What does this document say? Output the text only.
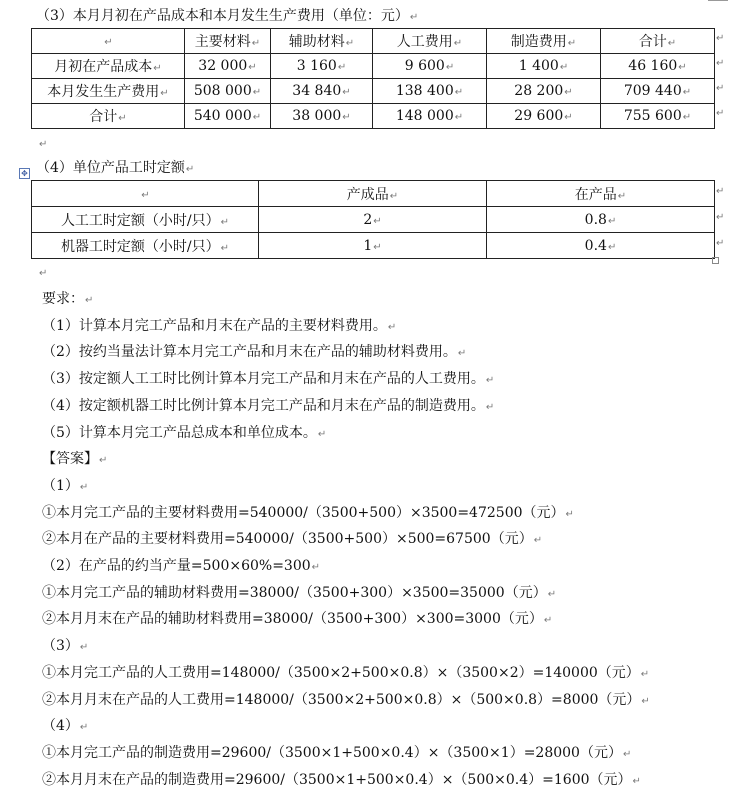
（3）本月月初在产品成本和本月发生生产费用（单位：元）↵
↵	主要材料↵	辅助材料↵	人工费用↵	制造费用↵	合计↵
月初在产品成本↵	32 000↵	3 160↵	9 600↵	1 400↵	46 160↵
本月发生生产费用↵	508 000↵	34 840↵	138 400↵	28 200↵	709 440↵
合计↵	540 000↵	38 000↵	148 000↵	29 600↵	755 600↵
↵
↵
↵
↵
↵
✥ （4）单位产品工时定额↵
↵	产成品↵	在产品↵
人工工时定额（小时/只）↵	2↵	0.8↵
机器工时定额（小时/只）↵	1↵	0.4↵
↵
↵
↵
↵
要求：↵
（1）计算本月完工产品和月末在产品的主要材料费用。↵
（2）按约当量法计算本月完工产品和月末在产品的辅助材料费用。↵
（3）按定额人工工时比例计算本月完工产品和月末在产品的人工费用。↵
（4）按定额机器工时比例计算本月完工产品和月末在产品的制造费用。↵
（5）计算本月完工产品总成本和单位成本。↵
【答案】↵
（1）↵
①本月完工产品的主要材料费用=540000/（3500+500）×3500=472500（元）↵
②本月在产品的主要材料费用=540000/（3500+500）×500=67500（元）↵
（2）在产品的约当产量=500×60%=300↵
①本月完工产品的辅助材料费用=38000/（3500+300）×3500=35000（元）↵
②本月月末在产品的辅助材料费用=38000/（3500+300）×300=3000（元）↵
（3）↵
①本月完工产品的人工费用=148000/（3500×2+500×0.8）×（3500×2）=140000（元）↵
②本月月末在产品的人工费用=148000/（3500×2+500×0.8）×（500×0.8）=8000（元）↵
（4）↵
①本月完工产品的制造费用=29600/（3500×1+500×0.4）×（3500×1）=28000（元）↵
②本月月末在产品的制造费用=29600/（3500×1+500×0.4）×（500×0.4）=1600（元）↵
